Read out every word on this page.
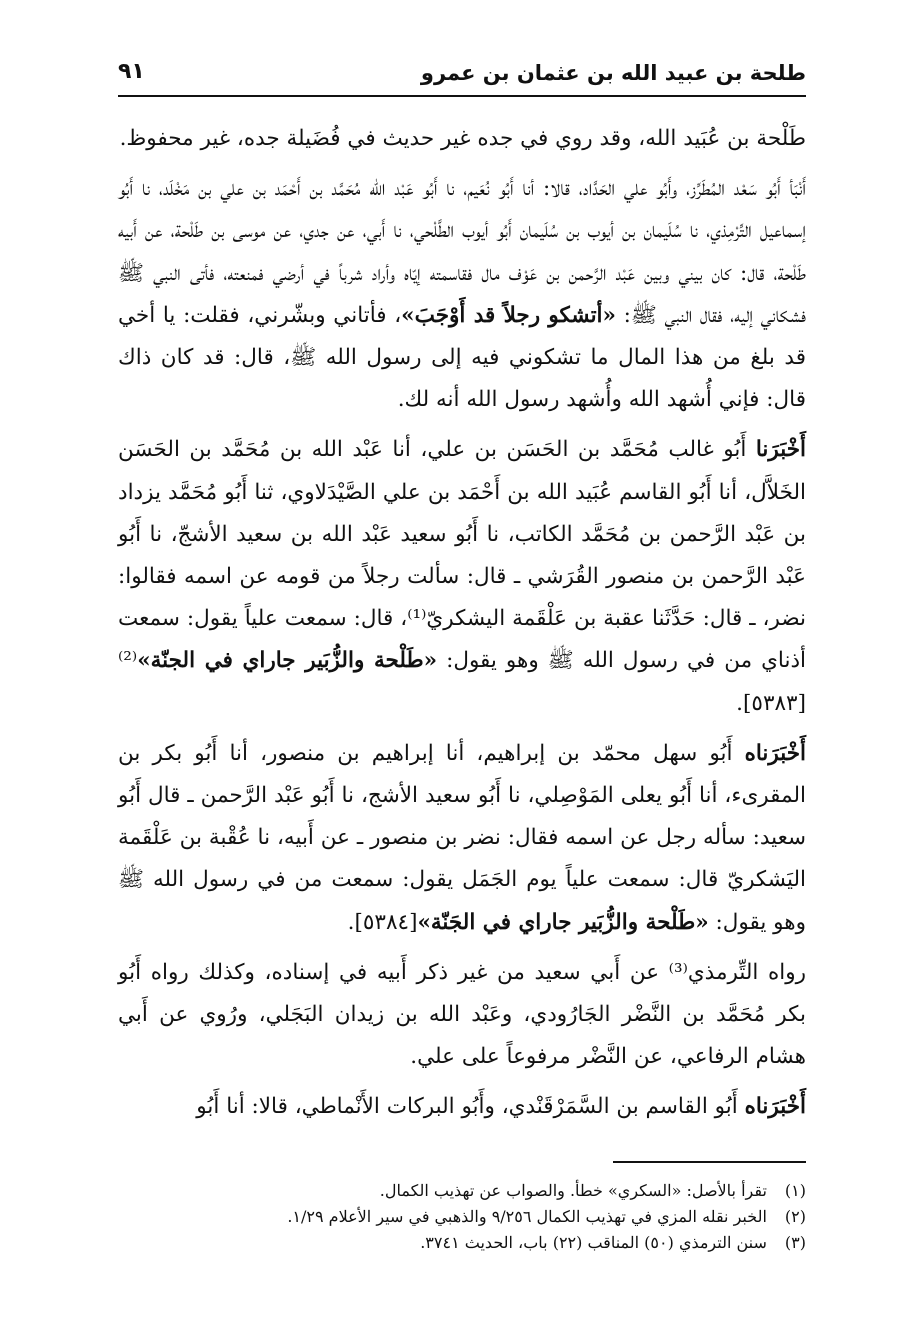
طلحة بن عبيد الله بن عثمان بن عمرو
٩١

طَلْحة بن عُبَيد الله، وقد روي في جده غير حديث في فُضَيلة جده، غير محفوظ.

أَنْبَأ أَبُو سَعْد المُطَرِّز، وأَبُو علي الحَدَّاد، قالا: أنا أَبُو نُعَيم، نا أَبُو عَبْد الله مُحَمَّد بن أَحْمَد بن علي بن مَخْلَد، نا أَبُو إسماعيل التِّرْمِذي، نا سُلَيمان بن أيوب بن سُلَيمان أَبُو أيوب الطَّلْحي، نا أَبي، عن جدي، عن موسى بن طَلْحة، عن أَبيه طَلْحة، قال: كان بيني وبين عَبْد الرَّحمن بن عَوْف مال فقاسمته إيّاه وأراد شرباً في أرضي فمنعته، فأتى النبي ﷺ فشكاني إليه، فقال النبي ﷺ: «أتشكو رجلاً قد أَوْجَبَ»، فأتاني وبشّرني، فقلت: يا أخي قد بلغ من هذا المال ما تشكوني فيه إلى رسول الله ﷺ، قال: قد كان ذاك قال: فإني أُشهد الله وأُشهد رسول الله أنه لك.

أَخْبَرَنا أَبُو غالب مُحَمَّد بن الحَسَن بن علي، أنا عَبْد الله بن مُحَمَّد بن الحَسَن الخَلاَّل، أنا أَبُو القاسم عُبَيد الله بن أَحْمَد بن علي الصَّيْدَلاوي، ثنا أَبُو مُحَمَّد يزداد بن عَبْد الرَّحمن بن مُحَمَّد الكاتب، نا أَبُو سعيد عَبْد الله بن سعيد الأشجّ، نا أَبُو عَبْد الرَّحمن بن منصور القُرَشي ـ قال: سألت رجلاً من قومه عن اسمه فقالوا: نضر، ـ قال: حَدَّثَنا عقبة بن عَلْقَمة اليشكريّ⁽¹⁾، قال: سمعت علياً يقول: سمعت أذناي من في رسول الله ﷺ وهو يقول: «طَلْحة والزُّبَير جاراي في الجنّة»⁽²⁾[٥٣٨٣].

أَخْبَرَناه أَبُو سهل محمّد بن إبراهيم، أنا إبراهيم بن منصور، أنا أَبُو بكر بن المقرىء، أنا أَبُو يعلى المَوْصِلي، نا أَبُو سعيد الأشج، نا أَبُو عَبْد الرَّحمن ـ قال أَبُو سعيد: سأله رجل عن اسمه فقال: نضر بن منصور ـ عن أَبيه، نا عُقْبة بن عَلْقَمة اليَشكريّ قال: سمعت علياً يوم الجَمَل يقول: سمعت من في رسول الله ﷺ وهو يقول: «طَلْحة والزُّبَير جاراي في الجَنّة»[٥٣٨٤].

رواه التِّرمذي⁽³⁾ عن أَبي سعيد من غير ذكر أَبيه في إسناده، وكذلك رواه أَبُو بكر مُحَمَّد بن النَّضْر الجَارُودي، وعَبْد الله بن زيدان البَجَلي، ورُوي عن أَبي هشام الرفاعي، عن النَّضْر مرفوعاً على علي.

أَخْبَرَناه أَبُو القاسم بن السَّمَرْقَنْدي، وأَبُو البركات الأَنْماطي، قالا: أنا أَبُو

(١)
تقرأ بالأصل: «السكري» خطأ. والصواب عن تهذيب الكمال.

(٢)
الخبر نقله المزي في تهذيب الكمال ٩/٢٥٦ والذهبي في سير الأعلام ١/٢٩.

(٣)
سنن الترمذي (٥٠) المناقب (٢٢) باب، الحديث ٣٧٤١.
